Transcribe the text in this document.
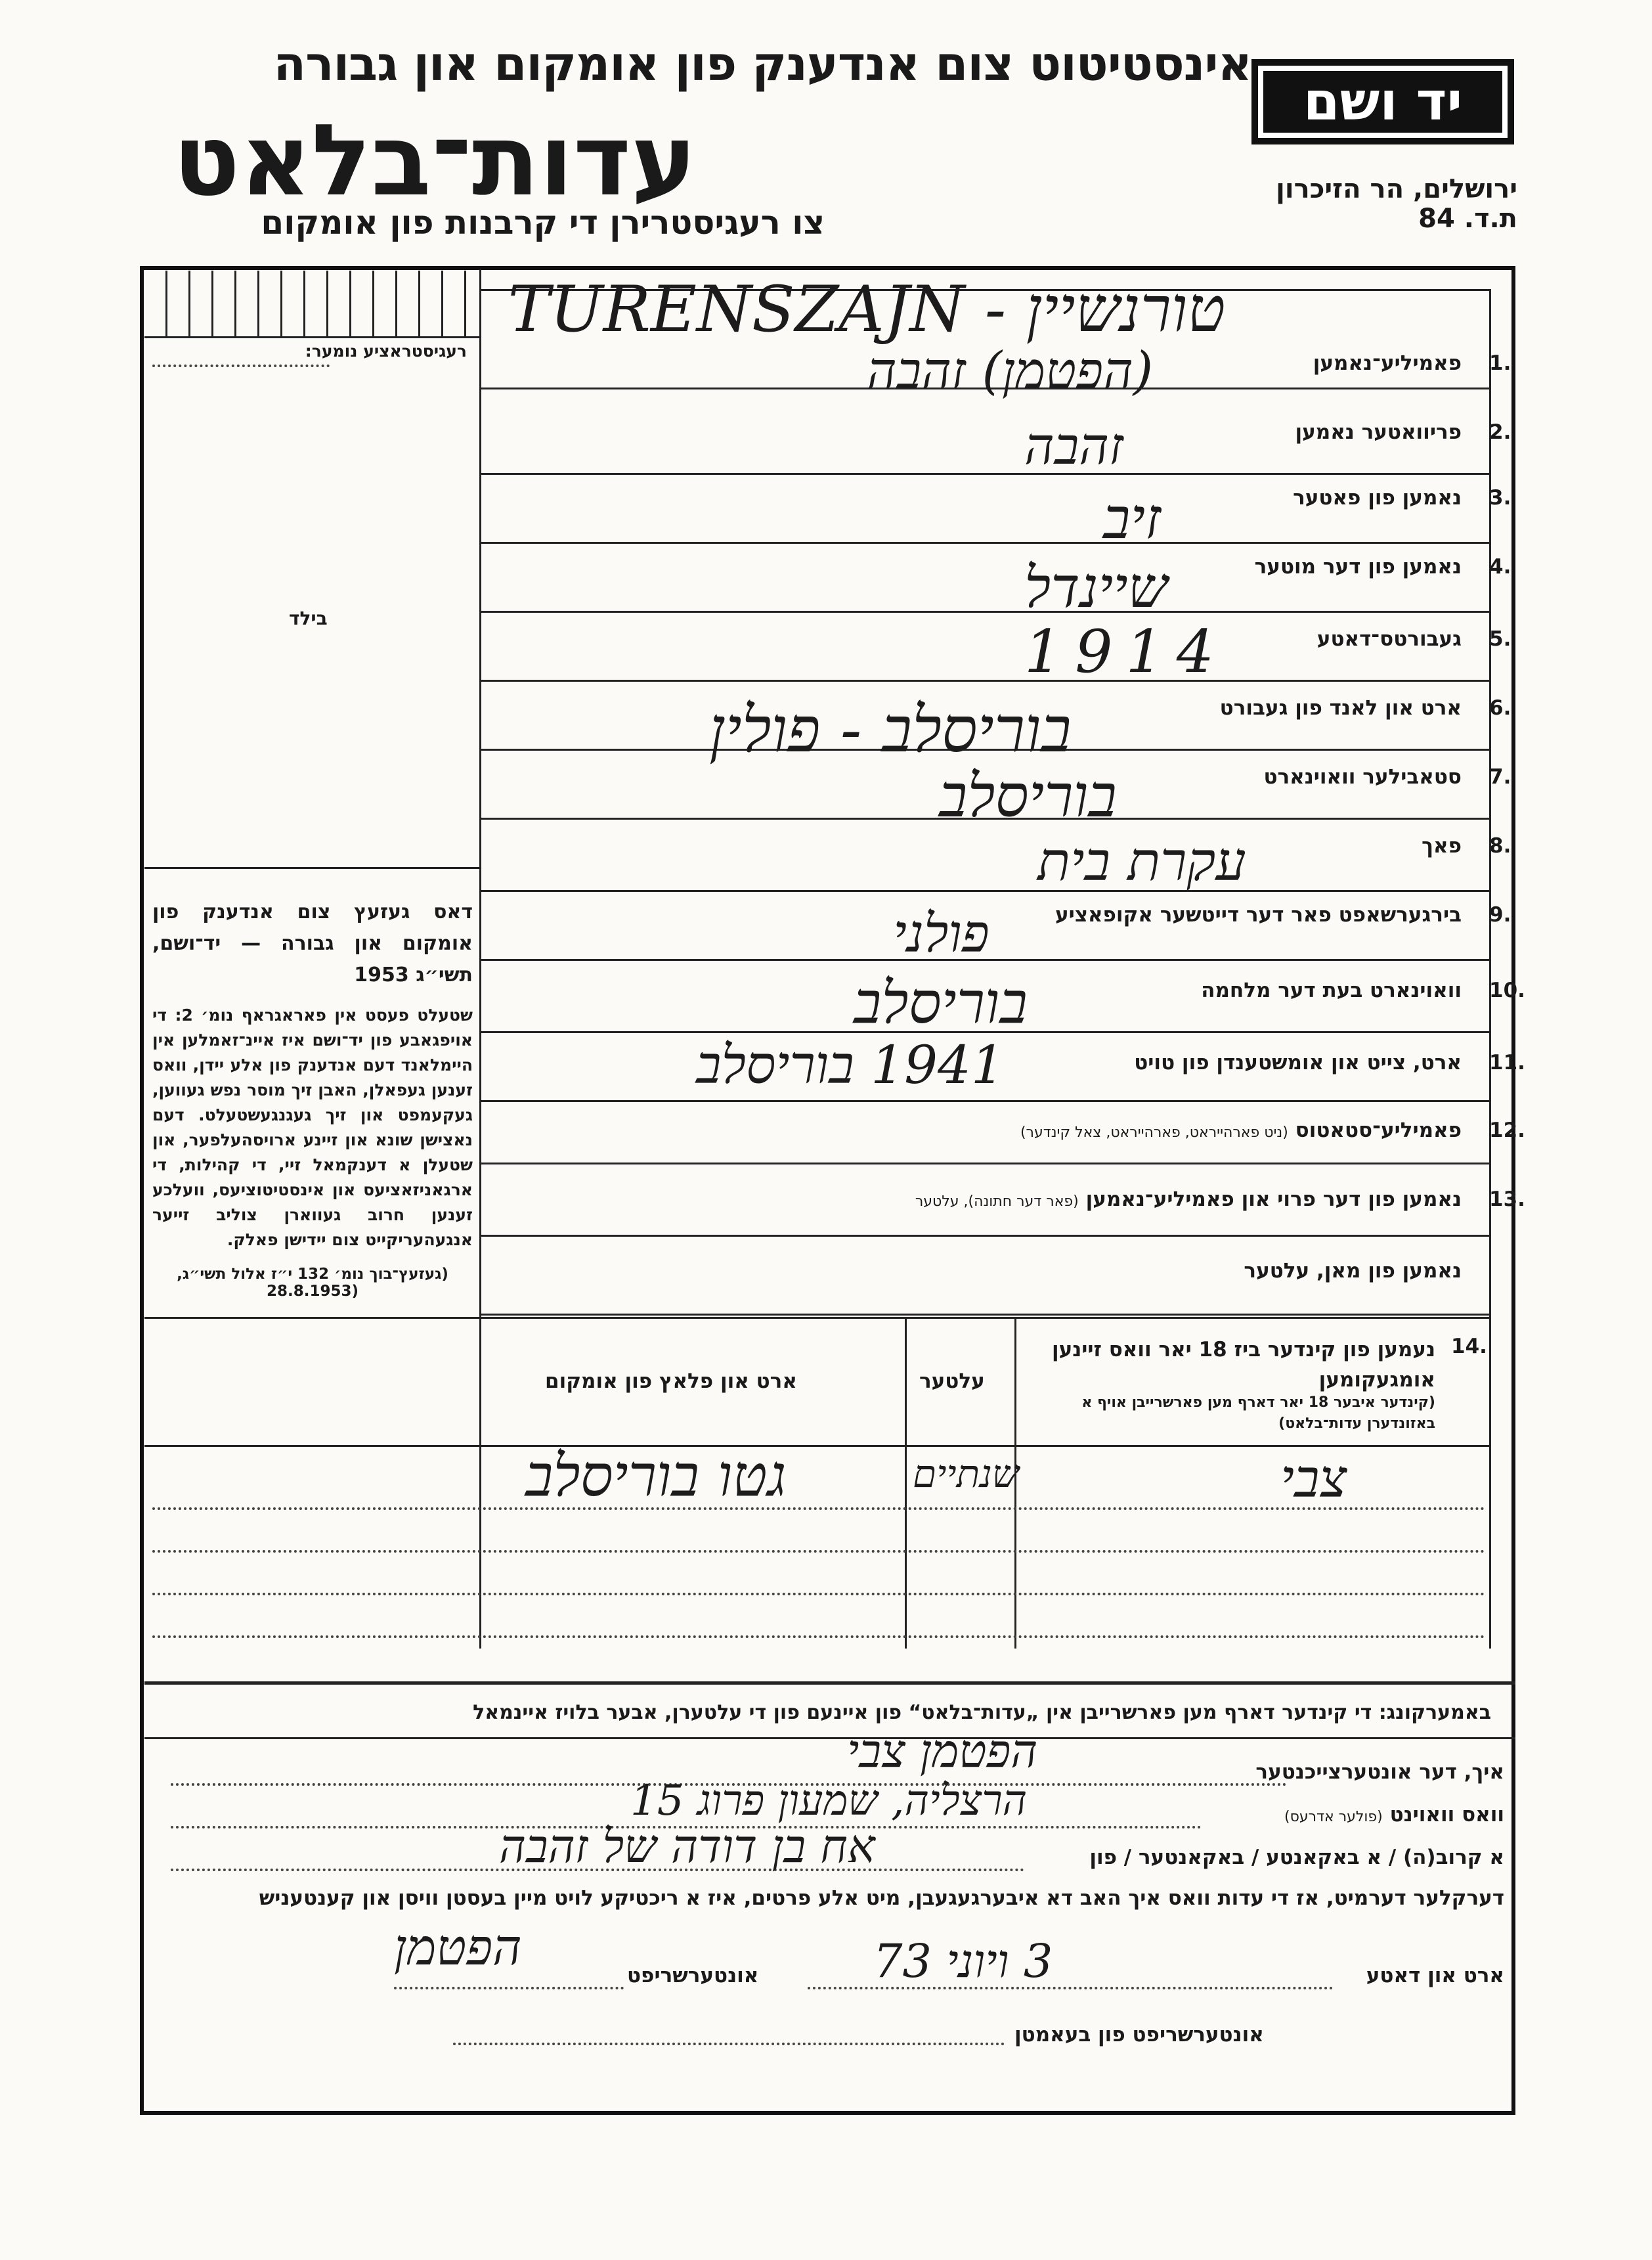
אינסטיטוט צום אנדענק פון אומקום און גבורה
עדות־בלאט
צו רעגיסטרירן די קרבנות פון אומקום
יד ושם
ירושלים, הר הזיכרון
ת.ד. 84
רעגיסטראציע נומער:
בילד

דאס געזעץ צום אנדענק פון אומקום און גבורה — יד־ושם, תשי״ג 1953

שטעלט פעסט אין פאראגראף נומ׳ 2: די אויפגאבע פון יד־ושם איז איינ־זאמלען אין היימלאנד דעם אנדענק פון אלע יידן, וואס זענען געפאלן, האבן זיך מוסר נפש געווען, געקעמפט און זיך געגנגעשטעלט. דעם נאצישן שונא און זיינע ארויסהעלפער, און שטעלן א דענקמאל זיי, די קהילות, די ארגאניזאציעס און אינסטיטוציעס, וועלכע זענען חרוב געווארן צוליב זייער אנגעהעריקייט צום יידישן פאלק.

(געזעץ־בוך נומ׳ 132 י״ז אלול תשי״ג, (28.8.1953

1.
פאמיליע־נאמען
טורנשיין - TURENSZAJN
2.
פריוואטער נאמען
(הפטמן) זהבה
3.
נאמען פון פאטער
זהבה
4.
נאמען פון דער מוטער
זיב
5.
געבורטס־דאטע
שיינדל
6.
ארט און לאנד פון געבורט
1914
7.
סטאבילער וואוינארט
בוריסלב - פולין
8.
פאך
בוריסלב
9.
בירגערשאפט פאר דער דייטשער אקופאציע
עקרת בית
10.
וואוינארט בעת דער מלחמה
פולני
11.
ארט, צייט און אומשטענדן פון טויט
בוריסלב
1941 בוריסלב
12.
פאמיליע־סטאטוס (ניט פארהייראט, פארהייראט, צאל קינדער)
13.
נאמען פון דער פרוי און פאמיליע־נאמען (פאר דער חתונה), עלטער
נאמען פון מאן, עלטער
14.
נעמען פון קינדער ביז 18 יאר וואס זיינען אומגעקומען
(קינדער איבער 18 יאר דארף מען פארשרייבן אויף א באזונדערן עדות־בלאט)
עלטער
ארט און פלאץ פון אומקום
צבי
שנתיים
גטו בוריסלב
באמערקונג: די קינדער דארף מען פארשרייבן אין „עדות־בלאט“ פון איינעם פון די עלטערן, אבער בלויז איינמאל
איך, דער אונטערצייכנטער
הפטמן צבי
וואס וואוינט (פולער אדרעס)
הרצליה, שמעון פרוג 15
א קרוב(ה) / א באקאנטע / באקאנטער / פון
אח בן דודה של זהבה
דערקלער דערמיט, אז די עדות וואס איך האב דא איבערגעגעבן, מיט אלע פרטים, איז א ריכטיקע לויט מיין בעסטן וויסן און קענטעניש
ארט און דאטע
3 ויוני 73
אונטערשריפט
הפטמן
אונטערשריפט פון בעאמטן
